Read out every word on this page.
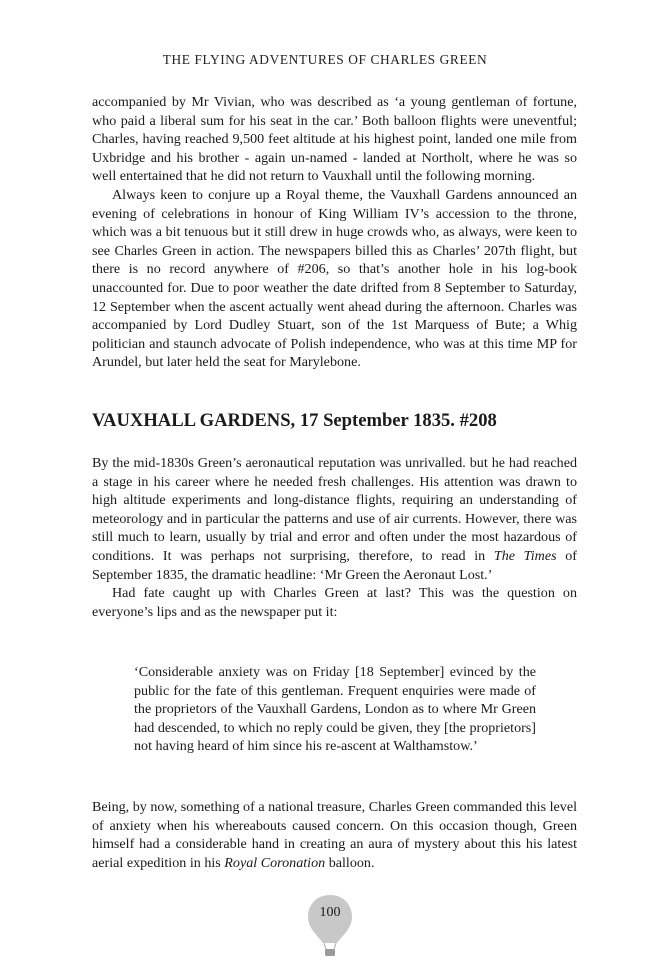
THE FLYING ADVENTURES OF CHARLES GREEN

accompanied by Mr Vivian, who was described as ‘a young gentleman of fortune, who paid a liberal sum for his seat in the car.’ Both balloon flights were uneventful; Charles, having reached 9,500 feet altitude at his highest point, landed one mile from Uxbridge and his brother - again un-named - landed at Northolt, where he was so well entertained that he did not return to Vauxhall until the following morning.

Always keen to conjure up a Royal theme, the Vauxhall Gardens announced an evening of celebrations in honour of King William IV’s accession to the throne, which was a bit tenuous but it still drew in huge crowds who, as always, were keen to see Charles Green in action. The newspapers billed this as Charles’ 207th flight, but there is no record anywhere of #206, so that’s another hole in his log-book unaccounted for. Due to poor weather the date drifted from 8 September to Saturday, 12 September when the ascent actually went ahead during the afternoon. Charles was accompanied by Lord Dudley Stuart, son of the 1st Marquess of Bute; a Whig politician and staunch advocate of Polish independence, who was at this time MP for Arundel, but later held the seat for Marylebone.

VAUXHALL GARDENS, 17 September 1835. #208

By the mid-1830s Green’s aeronautical reputation was unrivalled. but he had reached a stage in his career where he needed fresh challenges. His attention was drawn to high altitude experiments and long-distance flights, requiring an understanding of meteorology and in particular the patterns and use of air currents. However, there was still much to learn, usually by trial and error and often under the most hazardous of conditions. It was perhaps not surprising, therefore, to read in The Times of September 1835, the dramatic headline: ‘Mr Green the Aeronaut Lost.’

Had fate caught up with Charles Green at last? This was the question on everyone’s lips and as the newspaper put it:

‘Considerable anxiety was on Friday [18 September] evinced by the public for the fate of this gentleman. Frequent enquiries were made of the proprietors of the Vauxhall Gardens, London as to where Mr Green had descended, to which no reply could be given, they [the proprietors] not having heard of him since his re-ascent at Walthamstow.’

Being, by now, something of a national treasure, Charles Green commanded this level of anxiety when his whereabouts caused concern. On this occasion though, Green himself had a considerable hand in creating an aura of mystery about this his latest aerial expedition in his Royal Coronation balloon.

100
